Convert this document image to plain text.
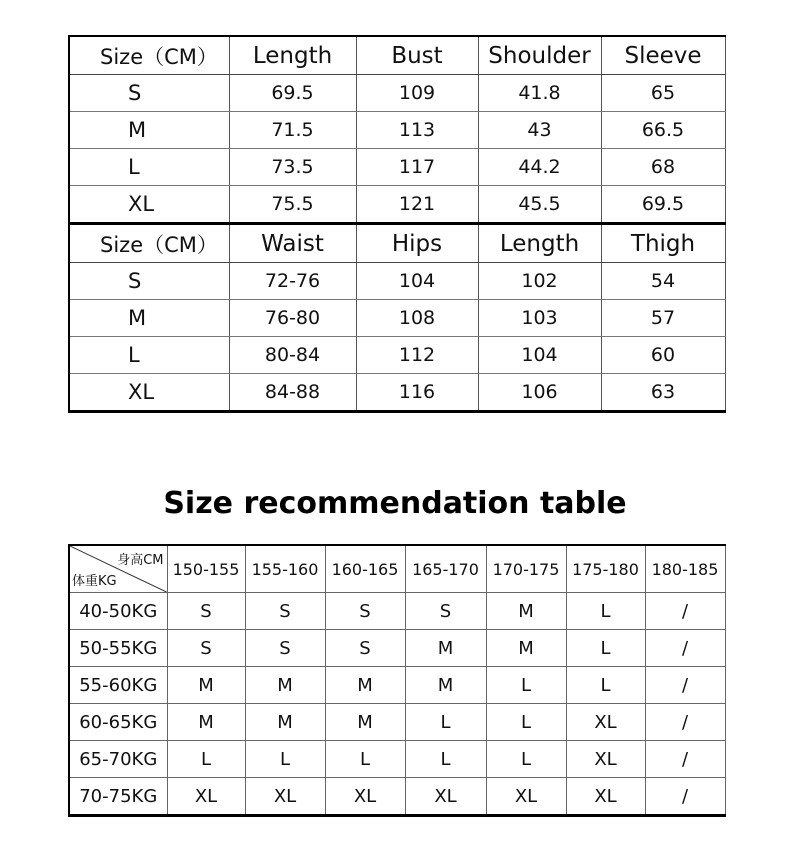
Size（CM）	Length	Bust	Shoulder	Sleeve
S	69.5	109	41.8	65
M	71.5	113	43	66.5
L	73.5	117	44.2	68
XL	75.5	121	45.5	69.5
Size（CM）	Waist	Hips	Length	Thigh
S	72-76	104	102	54
M	76-80	108	103	57
L	80-84	112	104	60
XL	84-88	116	106	63
Size recommendation table
身高CM
体重KG	150-155	155-160	160-165	165-170	170-175	175-180	180-185
40-50KG	S	S	S	S	M	L	/
50-55KG	S	S	S	M	M	L	/
55-60KG	M	M	M	M	L	L	/
60-65KG	M	M	M	L	L	XL	/
65-70KG	L	L	L	L	L	XL	/
70-75KG	XL	XL	XL	XL	XL	XL	/
